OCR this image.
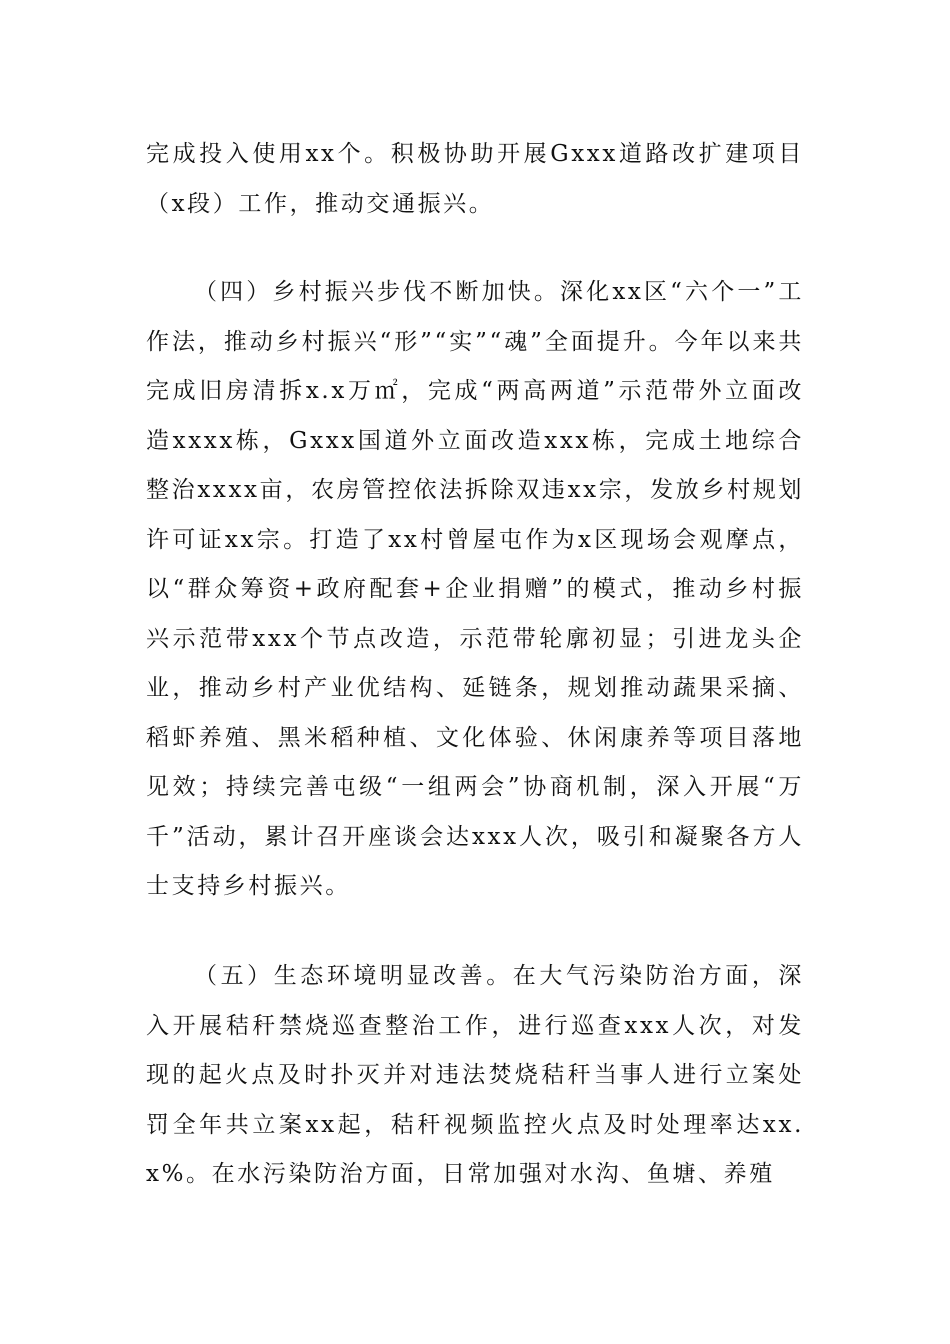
完成投入使用xx个。积极协助开展Gxxx道路改扩建项目（x段）工作，推动交通振兴。

（四）乡村振兴步伐不断加快。深化xx区“六个一”工作法，推动乡村振兴“形”“实”“魂”全面提升。今年以来共完成旧房清拆x.x万㎡，完成“两高两道”示范带外立面改造xxxx栋，Gxxx国道外立面改造xxx栋，完成土地综合整治xxxx亩，农房管控依法拆除双违xx宗，发放乡村规划许可证xx宗。打造了xx村曾屋屯作为x区现场会观摩点，以“群众筹资+政府配套+企业捐赠”的模式，推动乡村振兴示范带xxx个节点改造，示范带轮廓初显；引进龙头企业，推动乡村产业优结构、延链条，规划推动蔬果采摘、稻虾养殖、黑米稻种植、文化体验、休闲康养等项目落地见效；持续完善屯级“一组两会”协商机制，深入开展“万千”活动，累计召开座谈会达xxx人次，吸引和凝聚各方人士支持乡村振兴。

（五）生态环境明显改善。在大气污染防治方面，深入开展秸秆禁烧巡查整治工作，进行巡查xxx人次，对发现的起火点及时扑灭并对违法焚烧秸秆当事人进行立案处罚全年共立案xx起，秸秆视频监控火点及时处理率达xx.x%。在水污染防治方面，日常加强对水沟、鱼塘、养殖
